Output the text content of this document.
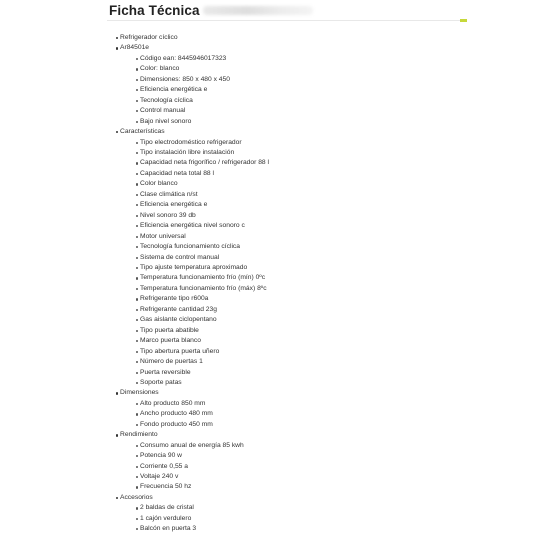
Ficha Técnica
Refrigerador cíclico
Ar84501e
Código ean: 8445946017323
Color: blanco
Dimensiones: 850 x 480 x 450
Eficiencia energética e
Tecnología cíclica
Control manual
Bajo nivel sonoro
Características
Tipo electrodoméstico refrigerador
Tipo instalación libre instalación
Capacidad neta frigorífico / refrigerador 88 l
Capacidad neta total 88 l
Color blanco
Clase climática n/st
Eficiencia energética e
Nivel sonoro 39 db
Eficiencia energética nivel sonoro c
Motor universal
Tecnología funcionamiento cíclica
Sistema de control manual
Tipo ajuste temperatura aproximado
Temperatura funcionamiento frío (mín) 0ºc
Temperatura funcionamiento frío (máx) 8ºc
Refrigerante tipo r600a
Refrigerante cantidad 23g
Gas aislante ciclopentano
Tipo puerta abatible
Marco puerta blanco
Tipo abertura puerta uñero
Número de puertas 1
Puerta reversible
Soporte patas
Dimensiones
Alto producto 850 mm
Ancho producto 480 mm
Fondo producto 450 mm
Rendimiento
Consumo anual de energía 85 kwh
Potencia 90 w
Corriente 0,55 a
Voltaje 240 v
Frecuencia 50 hz
Accesorios
2 baldas de cristal
1 cajón verdulero
Balcón en puerta 3
